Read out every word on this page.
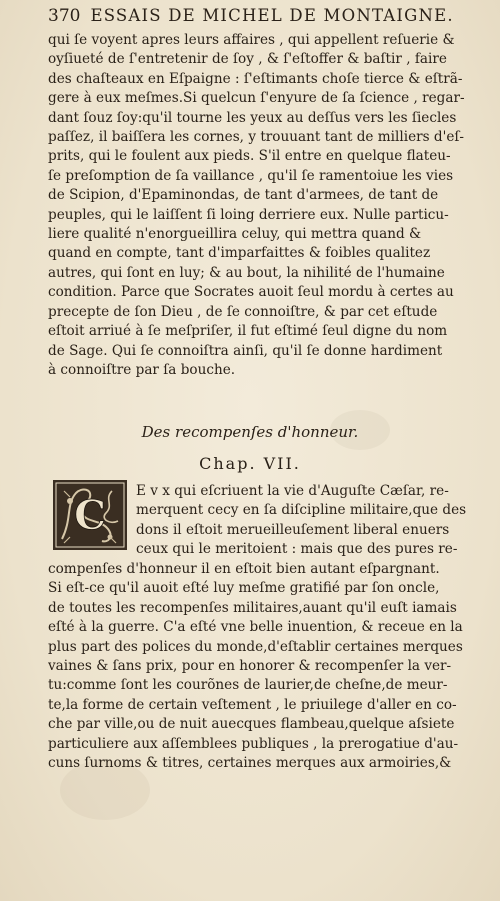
370 ESSAIS DE MICHEL DE MONTAIGNE.
qui ſe voyent apres leurs affaires , qui appellent reſuerie &
oyſiueté de ſ'entretenir de ſoy , & ſ'eſtoffer & baſtir , faire
des chaſteaux en Eſpaigne : ſ'eſtimants choſe tierce & eſtrã-
gere à eux meſmes.Si quelcun ſ'enyure de ſa ſcience , regar-
dant ſouz ſoy:qu'il tourne les yeux au deſſus vers les ſiecles
paſſez, il baiſſera les cornes, y trouuant tant de milliers d'eſ-
prits, qui le foulent aux pieds. S'il entre en quelque flateu-
ſe preſomption de ſa vaillance , qu'il ſe ramentoiue les vies
de Scipion, d'Epaminondas, de tant d'armees, de tant de
peuples, qui le laiſſent ſi loing derriere eux. Nulle particu-
liere qualité n'enorgueillira celuy, qui mettra quand &
quand en compte, tant d'imparfaittes & foibles qualitez
autres, qui ſont en luy; & au bout, la nihilité de l'humaine
condition. Parce que Socrates auoit ſeul mordu à certes au
precepte de ſon Dieu , de ſe connoiſtre, & par cet eſtude
eſtoit arriué à ſe meſpriſer, il fut eſtimé ſeul digne du nom
de Sage. Qui ſe connoiſtra ainſi, qu'il ſe donne hardiment
à connoiſtre par ſa bouche.
Des recompenſes d'honneur.
Chap. VII.
C
E v x qui eſcriuent la vie d'Auguſte Cæſar, re-
merquent cecy en ſa diſcipline militaire,que des
dons il eſtoit merueilleuſement liberal enuers
ceux qui le meritoient : mais que des pures re-
compenſes d'honneur il en eſtoit bien autant eſpargnant.
Si eſt-ce qu'il auoit eſté luy meſme gratifié par ſon oncle,
de toutes les recompenſes militaires,auant qu'il euſt iamais
eſté à la guerre. C'a eſté vne belle inuention, & receue en la
plus part des polices du monde,d'eſtablir certaines merques
vaines & ſans prix, pour en honorer & recompenſer la ver-
tu:comme ſont les courõnes de laurier,de cheſne,de meur-
te,la forme de certain veſtement , le priuilege d'aller en co-
che par ville,ou de nuit auecques flambeau,quelque aſsiete
particuliere aux aſſemblees publiques , la prerogatiue d'au-
cuns ſurnoms & titres, certaines merques aux armoiries,&
